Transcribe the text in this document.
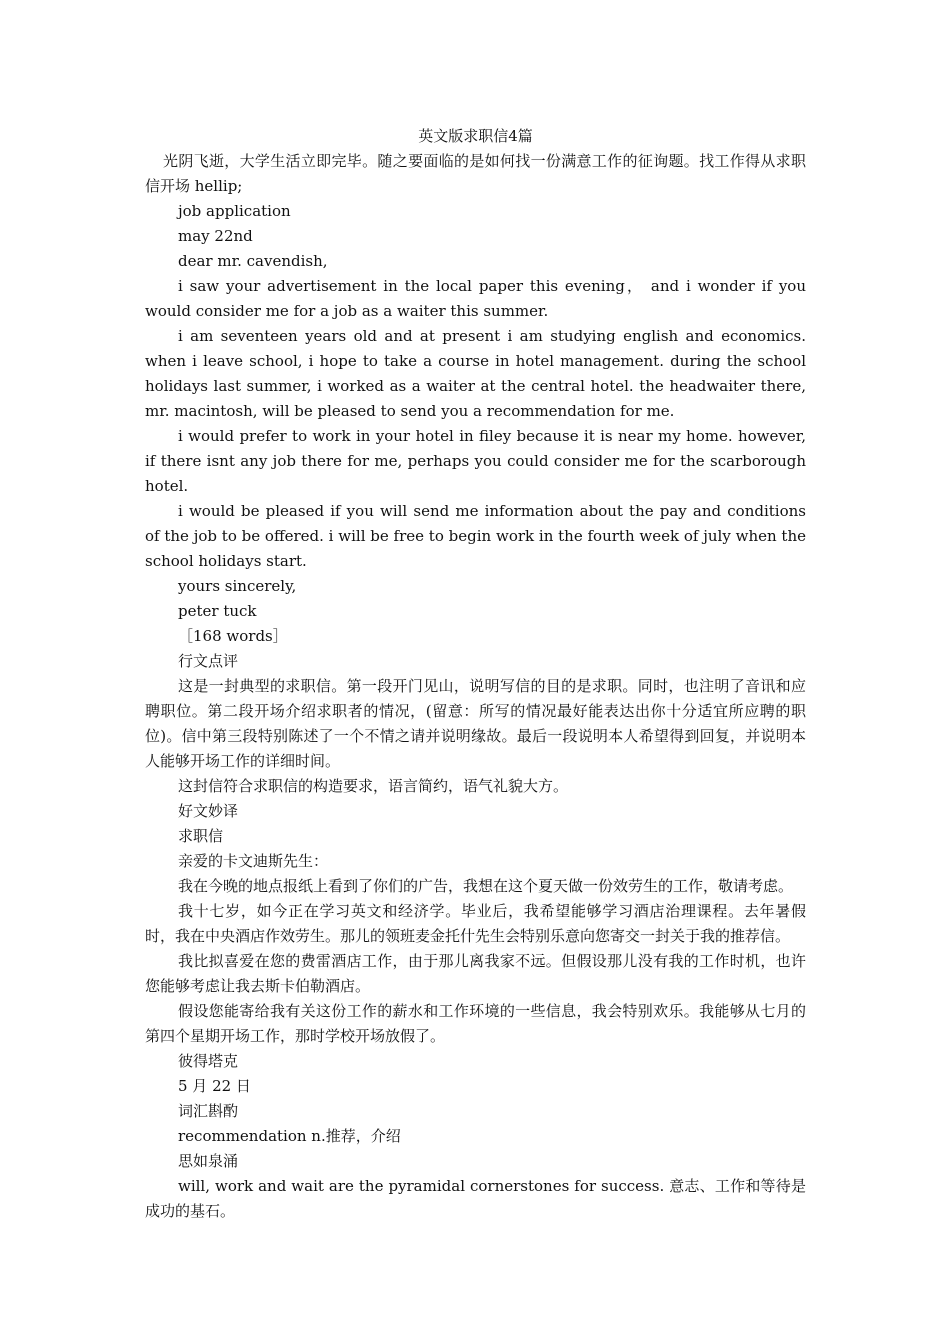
英文版求职信4篇

光阴飞逝，大学生活立即完毕。随之要面临的是如何找一份满意工作的征询题。找工作得从求职信开场 hellip;

job application

may 22nd

dear mr. cavendish,

i saw your advertisement in the local paper this evening， and i wonder if you would consider me for a job as a waiter this summer.

i am seventeen years old and at present i am studying english and economics. when i leave school, i hope to take a course in hotel management. during the school holidays last summer, i worked as a waiter at the central hotel. the headwaiter there, mr. macintosh, will be pleased to send you a recommendation for me.

i would prefer to work in your hotel in filey because it is near my home. however, if there isnt any job there for me, perhaps you could consider me for the scarborough hotel.

i would be pleased if you will send me information about the pay and conditions of the job to be offered. i will be free to begin work in the fourth week of july when the school holidays start.

yours sincerely,

peter tuck

［168 words］

行文点评

这是一封典型的求职信。第一段开门见山，说明写信的目的是求职。同时，也注明了音讯和应聘职位。第二段开场介绍求职者的情况，(留意：所写的情况最好能表达出你十分适宜所应聘的职位)。信中第三段特别陈述了一个不情之请并说明缘故。最后一段说明本人希望得到回复，并说明本人能够开场工作的详细时间。

这封信符合求职信的构造要求，语言简约，语气礼貌大方。

好文妙译

求职信

亲爱的卡文迪斯先生：

我在今晚的地点报纸上看到了你们的广告，我想在这个夏天做一份效劳生的工作，敬请考虑。

我十七岁，如今正在学习英文和经济学。毕业后，我希望能够学习酒店治理课程。去年暑假时，我在中央酒店作效劳生。那儿的领班麦金托什先生会特别乐意向您寄交一封关于我的推荐信。

我比拟喜爱在您的费雷酒店工作，由于那儿离我家不远。但假设那儿没有我的工作时机，也许您能够考虑让我去斯卡伯勒酒店。

假设您能寄给我有关这份工作的薪水和工作环境的一些信息，我会特别欢乐。我能够从七月的第四个星期开场工作，那时学校开场放假了。

彼得塔克

5 月 22 日

词汇斟酌

recommendation n.推荐，介绍

思如泉涌

will, work and wait are the pyramidal cornerstones for success. 意志、工作和等待是成功的基石。
